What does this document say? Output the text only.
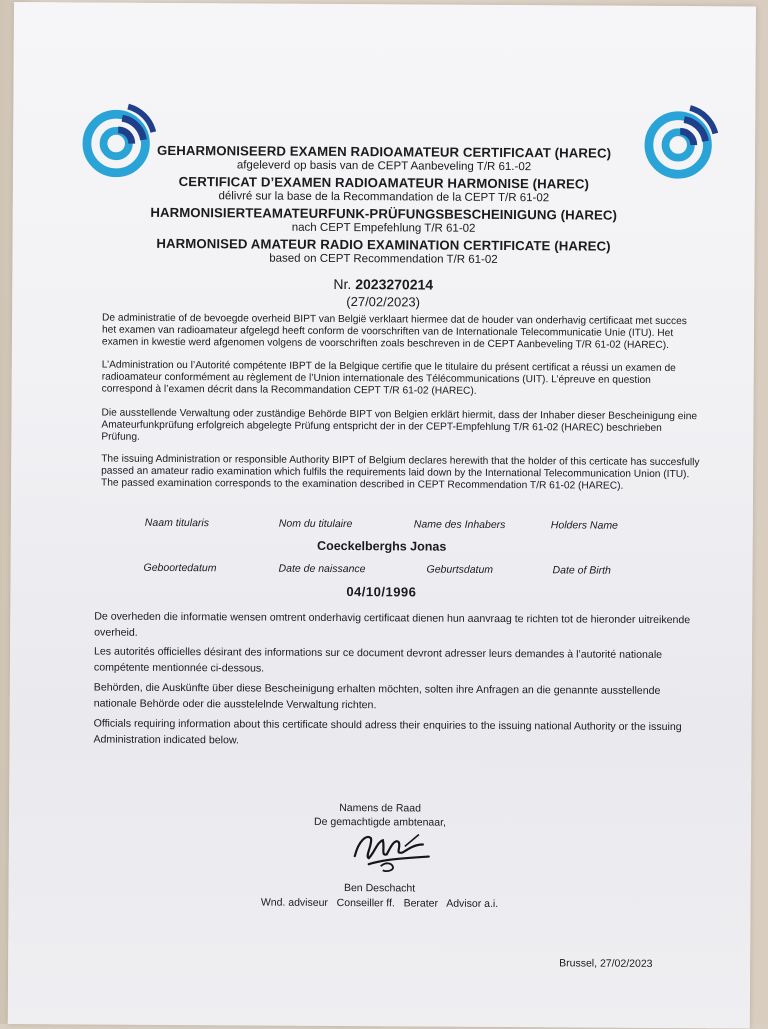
GEHARMONISEERD EXAMEN RADIOAMATEUR CERTIFICAAT (HAREC)
afgeleverd op basis van de CEPT Aanbeveling T/R 61.-02
CERTIFICAT D’EXAMEN RADIOAMATEUR HARMONISE (HAREC)
délivré sur la base de la Recommandation de la CEPT T/R 61-02
HARMONISIERTEAMATEURFUNK-PRÜFUNGSBESCHEINIGUNG (HAREC)
nach CEPT Empefehlung T/R 61-02
HARMONISED AMATEUR RADIO EXAMINATION CERTIFICATE (HAREC)
based on CEPT Recommendation T/R 61-02
Nr. 2023270214
(27/02/2023)
De administratie of de bevoegde overheid BIPT van België verklaart hiermee dat de houder van onderhavig certificaat met succes het examen van radioamateur afgelegd heeft conform de voorschriften van de Internationale Telecommunicatie Unie (ITU). Het examen in kwestie werd afgenomen volgens de voorschriften zoals beschreven in de CEPT Aanbeveling T/R 61-02 (HAREC).
L’Administration ou l’Autorité compétente IBPT de la Belgique certifie que le titulaire du présent certificat a réussi un examen de radioamateur conformément au règlement de l’Union internationale des Télécommunications (UIT). L’épreuve en question correspond à l’examen décrit dans la Recommandation CEPT T/R 61-02 (HAREC).
Die ausstellende Verwaltung oder zuständige Behörde BIPT von Belgien erklärt hiermit, dass der Inhaber dieser Bescheinigung eine Amateurfunkprüfung erfolgreich abgelegte Prüfung entspricht der in der CEPT-Empfehlung T/R 61-02 (HAREC) beschrieben Prüfung.
The issuing Administration or responsible Authority BIPT of Belgium declares herewith that the holder of this certicate has succesfully passed an amateur radio examination which fulfils the requirements laid down by the International Telecommunication Union (ITU). The passed examination corresponds to the examination described in CEPT Recommendation T/R 61-02 (HAREC).
Naam titularis	Nom du titulaire	Name des Inhabers	Holders Name
Coeckelberghs Jonas
Geboortedatum	Date de naissance	Geburtsdatum	Date of Birth
04/10/1996
De overheden die informatie wensen omtrent onderhavig certificaat dienen hun aanvraag te richten tot de hieronder uitreikende overheid.
Les autorités officielles désirant des informations sur ce document devront adresser leurs demandes à l’autorité nationale compétente mentionnée ci-dessous.
Behörden, die Auskünfte über diese Bescheinigung erhalten möchten, solten ihre Anfragen an die genannte ausstellende nationale Behörde oder die ausstelelnde Verwaltung richten.
Officials requiring information about this certificate should adress their enquiries to the issuing national Authority or the issuing Administration indicated below.
Namens de Raad
De gemachtigde ambtenaar,
Ben Deschacht
Wnd. adviseur   Conseiller ff.   Berater   Advisor a.i.
Brussel, 27/02/2023
